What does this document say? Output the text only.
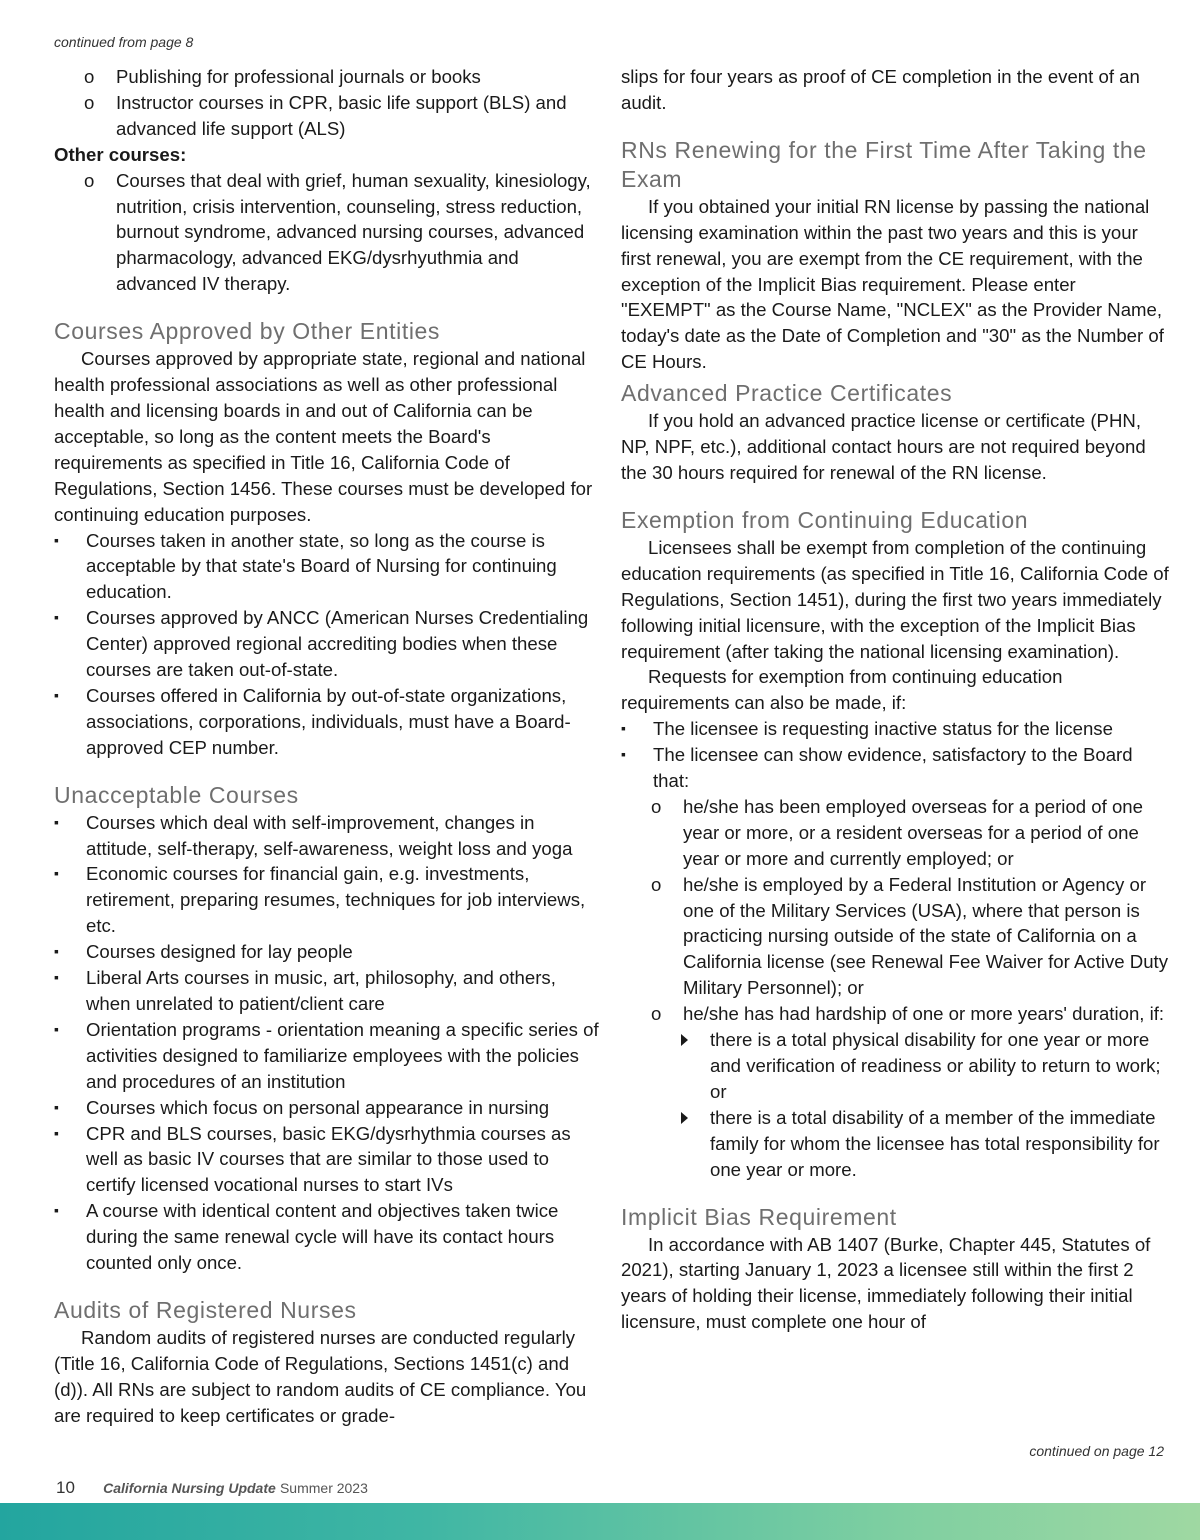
continued from page 8
o Publishing for professional journals or books
o Instructor courses in CPR, basic life support (BLS) and advanced life support (ALS)
Other courses:
o Courses that deal with grief, human sexuality, kinesiology, nutrition, crisis intervention, counseling, stress reduction, burnout syndrome, advanced nursing courses, advanced pharmacology, advanced EKG/dysrhyuthmia and advanced IV therapy.
Courses Approved by Other Entities

Courses approved by appropriate state, regional and national health professional associations as well as other professional health and licensing boards in and out of California can be acceptable, so long as the content meets the Board's requirements as specified in Title 16, California Code of Regulations, Section 1456. These courses must be developed for continuing education purposes.

▪	Courses taken in another state, so long as the course is acceptable by that state's Board of Nursing for continuing education.
▪	Courses approved by ANCC (American Nurses Credentialing Center) approved regional accrediting bodies when these courses are taken out-of-state.
▪	Courses offered in California by out-of-state organizations, associations, corporations, individuals, must have a Board-approved CEP number.
Unacceptable Courses
▪	Courses which deal with self-improvement, changes in attitude, self-therapy, self-awareness, weight loss and yoga
▪	Economic courses for financial gain, e.g. investments, retirement, preparing resumes, techniques for job interviews, etc.
▪	Courses designed for lay people
▪	Liberal Arts courses in music, art, philosophy, and others, when unrelated to patient/client care
▪	Orientation programs - orientation meaning a specific series of activities designed to familiarize employees with the policies and procedures of an institution
▪	Courses which focus on personal appearance in nursing
▪	CPR and BLS courses, basic EKG/dysrhythmia courses as well as basic IV courses that are similar to those used to certify licensed vocational nurses to start IVs
▪	A course with identical content and objectives taken twice during the same renewal cycle will have its contact hours counted only once.
Audits of Registered Nurses

Random audits of registered nurses are conducted regularly (Title 16, California Code of Regulations, Sections 1451(c) and (d)). All RNs are subject to random audits of CE compliance. You are required to keep certificates or grade-

slips for four years as proof of CE completion in the event of an audit.

RNs Renewing for the First Time After Taking the Exam

If you obtained your initial RN license by passing the national licensing examination within the past two years and this is your first renewal, you are exempt from the CE requirement, with the exception of the Implicit Bias requirement. Please enter "EXEMPT" as the Course Name, "NCLEX" as the Provider Name, today's date as the Date of Completion and "30" as the Number of CE Hours.

Advanced Practice Certificates

If you hold an advanced practice license or certificate (PHN, NP, NPF, etc.), additional contact hours are not required beyond the 30 hours required for renewal of the RN license.

Exemption from Continuing Education

Licensees shall be exempt from completion of the continuing education requirements (as specified in Title 16, California Code of Regulations, Section 1451), during the first two years immediately following initial licensure, with the exception of the Implicit Bias requirement (after taking the national licensing examination).

Requests for exemption from continuing education requirements can also be made, if:

▪	The licensee is requesting inactive status for the license
▪	The licensee can show evidence, satisfactory to the Board that:
o he/she has been employed overseas for a period of one year or more, or a resident overseas for a period of one year or more and currently employed; or
o he/she is employed by a Federal Institution or Agency or one of the Military Services (USA), where that person is practicing nursing outside of the state of California on a California license (see Renewal Fee Waiver for Active Duty Military Personnel); or
o he/she has had hardship of one or more years' duration, if:
there is a total physical disability for one year or more and verification of readiness or ability to return to work; or
there is a total disability of a member of the immediate family for whom the licensee has total responsibility for one year or more.
Implicit Bias Requirement

In accordance with AB 1407 (Burke, Chapter 445, Statutes of 2021), starting January 1, 2023 a licensee still within the first 2 years of holding their license, immediately following their initial licensure, must complete one hour of

continued on page 12
10 California Nursing Update Summer 2023
